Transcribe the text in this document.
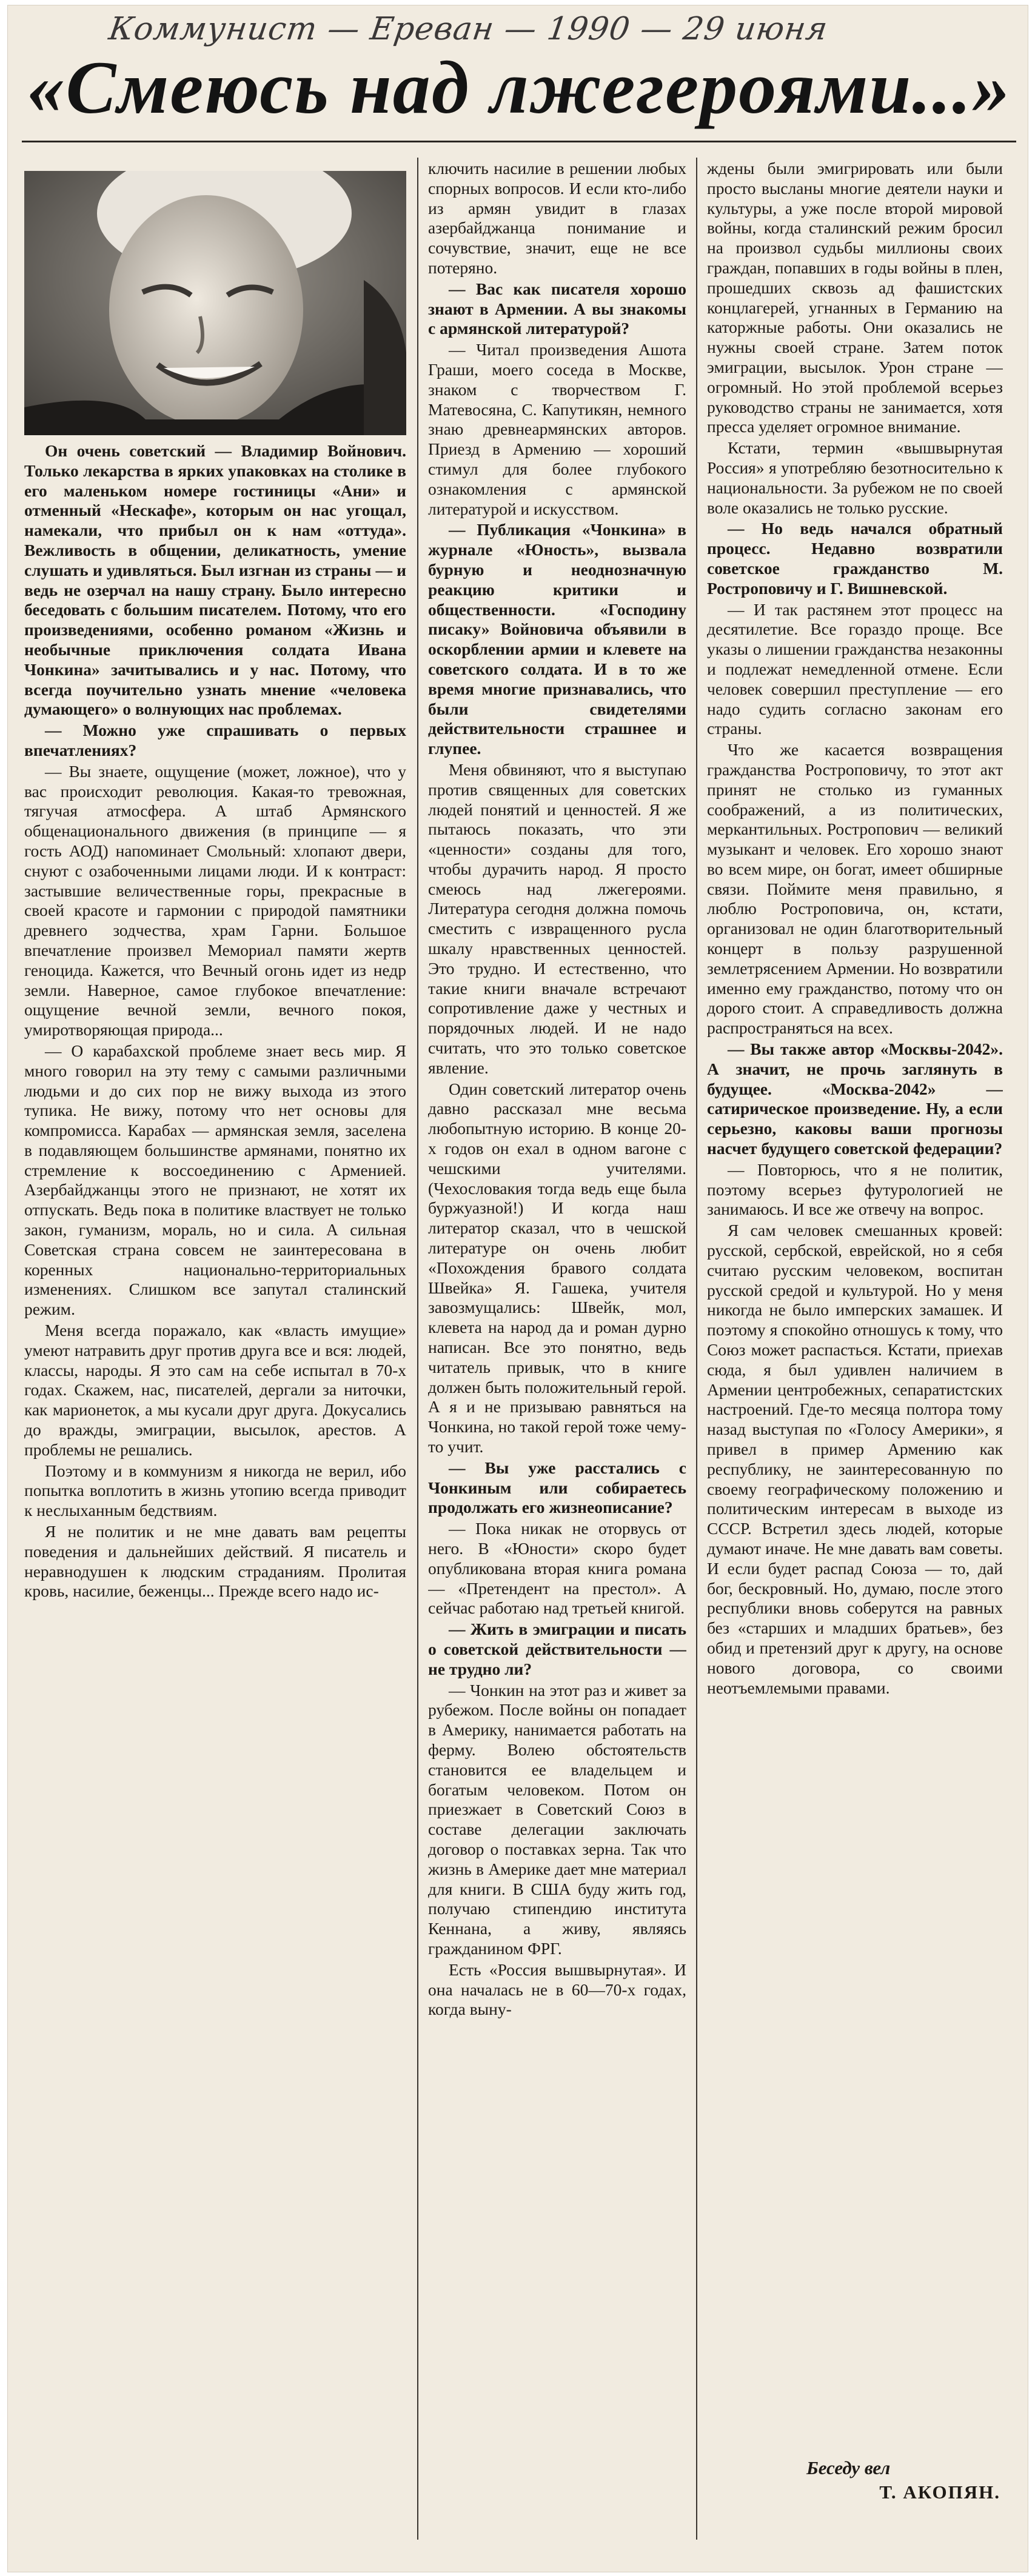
Коммунист — Ереван — 1990 — 29 июня
«Смеюсь над лжегероями...»

Он очень советский — Владимир Войнович. Только лекарства в ярких упаковках на столике в его маленьком номере гостиницы «Ани» и отменный «Нескафе», которым он нас угощал, намекали, что прибыл он к нам «оттуда». Вежливость в общении, деликатность, умение слушать и удивляться. Был изгнан из страны — и ведь не озерчал на нашу страну. Было интересно беседовать с большим писателем. Потому, что его произведениями, особенно романом «Жизнь и необычные приключения солдата Ивана Чонкина» зачитывались и у нас. Потому, что всегда поучительно узнать мнение «человека думающего» о волнующих нас проблемах.

— Можно уже спрашивать о первых впечатлениях?

— Вы знаете, ощущение (может, ложное), что у вас происходит революция. Какая-то тревожная, тягучая атмосфера. А штаб Армянского общенационального движения (в принципе — я гость АОД) напоминает Смольный: хлопают двери, снуют с озабоченными лицами люди. И к контраст: застывшие величественные горы, прекрасные в своей красоте и гармонии с природой памятники древнего зодчества, храм Гарни. Большое впечатление произвел Мемориал памяти жертв геноцида. Кажется, что Вечный огонь идет из недр земли. Наверное, самое глубокое впечатление: ощущение вечной земли, вечного покоя, умиротворяющая природа...

— О карабахской проблеме знает весь мир. Я много говорил на эту тему с самыми различными людьми и до сих пор не вижу выхода из этого тупика. Не вижу, потому что нет основы для компромисса. Карабах — армянская земля, заселена в подавляющем большинстве армянами, понятно их стремление к воссоединению с Арменией. Азербайджанцы этого не признают, не хотят их отпускать. Ведь пока в политике властвует не только закон, гуманизм, мораль, но и сила. А сильная Советская страна совсем не заинтересована в коренных национально-территориальных изменениях. Слишком все запутал сталинский режим.

Меня всегда поражало, как «власть имущие» умеют натравить друг против друга все и вся: людей, классы, народы. Я это сам на себе испытал в 70-х годах. Скажем, нас, писателей, дергали за ниточки, как марионеток, а мы кусали друг друга. Докусались до вражды, эмиграции, высылок, арестов. А проблемы не решались.

Поэтому и в коммунизм я никогда не верил, ибо попытка воплотить в жизнь утопию всегда приводит к неслыханным бедствиям.

Я не политик и не мне давать вам рецепты поведения и дальнейших действий. Я писатель и неравнодушен к людским страданиям. Пролитая кровь, насилие, беженцы... Прежде всего надо ис-

ключить насилие в решении любых спорных вопросов. И если кто-либо из армян увидит в глазах азербайджанца понимание и сочувствие, значит, еще не все потеряно.

— Вас как писателя хорошо знают в Армении. А вы знакомы с армянской литературой?

— Читал произведения Ашота Граши, моего соседа в Москве, знаком с творчеством Г. Матевосяна, С. Капутикян, немного знаю древнеармянских авторов. Приезд в Армению — хороший стимул для более глубокого ознакомления с армянской литературой и искусством.

— Публикация «Чонкина» в журнале «Юность», вызвала бурную и неоднозначную реакцию критики и общественности. «Господину писаку» Войновича объявили в оскорблении армии и клевете на советского солдата. И в то же время многие признавались, что были свидетелями действительности страшнее и глупее.

Меня обвиняют, что я выступаю против священных для советских людей понятий и ценностей. Я же пытаюсь показать, что эти «ценности» созданы для того, чтобы дурачить народ. Я просто смеюсь над лжегероями. Литература сегодня должна помочь сместить с извращенного русла шкалу нравственных ценностей. Это трудно. И естественно, что такие книги вначале встречают сопротивление даже у честных и порядочных людей. И не надо считать, что это только советское явление.

Один советский литератор очень давно рассказал мне весьма любопытную историю. В конце 20-х годов он ехал в одном вагоне с чешскими учителями. (Чехословакия тогда ведь еще была буржуазной!) И когда наш литератор сказал, что в чешской литературе он очень любит «Похождения бравого солдата Швейка» Я. Гашека, учителя завозмущались: Швейк, мол, клевета на народ да и роман дурно написан. Все это понятно, ведь читатель привык, что в книге должен быть положительный герой. А я и не призываю равняться на Чонкина, но такой герой тоже чему-то учит.

— Вы уже расстались с Чонкиным или собираетесь продолжать его жизнеописание?

— Пока никак не оторвусь от него. В «Юности» скоро будет опубликована вторая книга романа — «Претендент на престол». А сейчас работаю над третьей книгой.

— Жить в эмиграции и писать о советской действительности — не трудно ли?

— Чонкин на этот раз и живет за рубежом. После войны он попадает в Америку, нанимается работать на ферму. Волею обстоятельств становится ее владельцем и богатым человеком. Потом он приезжает в Советский Союз в составе делегации заключать договор о поставках зерна. Так что жизнь в Америке дает мне материал для книги. В США буду жить год, получаю стипендию института Кеннана, а живу, являясь гражданином ФРГ.

Есть «Россия вышвырнутая». И она началась не в 60—70-х годах, когда выну-

ждены были эмигрировать или были просто высланы многие деятели науки и культуры, а уже после второй мировой войны, когда сталинский режим бросил на произвол судьбы миллионы своих граждан, попавших в годы войны в плен, прошедших сквозь ад фашистских концлагерей, угнанных в Германию на каторжные работы. Они оказались не нужны своей стране. Затем поток эмиграции, высылок. Урон стране — огромный. Но этой проблемой всерьез руководство страны не занимается, хотя пресса уделяет огромное внимание.

Кстати, термин «вышвырнутая Россия» я употребляю безотносительно к национальности. За рубежом не по своей воле оказались не только русские.

— Но ведь начался обратный процесс. Недавно возвратили советское гражданство М. Ростроповичу и Г. Вишневской.

— И так растянем этот процесс на десятилетие. Все гораздо проще. Все указы о лишении гражданства незаконны и подлежат немедленной отмене. Если человек совершил преступление — его надо судить согласно законам его страны.

Что же касается возвращения гражданства Ростроповичу, то этот акт принят не столько из гуманных соображений, а из политических, меркантильных. Ростропович — великий музыкант и человек. Его хорошо знают во всем мире, он богат, имеет обширные связи. Поймите меня правильно, я люблю Ростроповича, он, кстати, организовал не один благотворительный концерт в пользу разрушенной землетрясением Армении. Но возвратили именно ему гражданство, потому что он дорого стоит. А справедливость должна распространяться на всех.

— Вы также автор «Москвы-2042». А значит, не прочь заглянуть в будущее. «Москва-2042» — сатирическое произведение. Ну, а если серьезно, каковы ваши прогнозы насчет будущего советской федерации?

— Повторюсь, что я не политик, поэтому всерьез футурологией не занимаюсь. И все же отвечу на вопрос.

Я сам человек смешанных кровей: русской, сербской, еврейской, но я себя считаю русским человеком, воспитан русской средой и культурой. Но у меня никогда не было имперских замашек. И поэтому я спокойно отношусь к тому, что Союз может распасться. Кстати, приехав сюда, я был удивлен наличием в Армении центробежных, сепаратистских настроений. Где-то месяца полтора тому назад выступая по «Голосу Америки», я привел в пример Армению как республику, не заинтересованную по своему географическому положению и политическим интересам в выходе из СССР. Встретил здесь людей, которые думают иначе. Не мне давать вам советы. И если будет распад Союза — то, дай бог, бескровный. Но, думаю, после этого республики вновь соберутся на равных без «старших и младших братьев», без обид и претензий друг к другу, на основе нового договора, со своими неотъемлемыми правами.

Беседу вел
Т. АКОПЯН.
